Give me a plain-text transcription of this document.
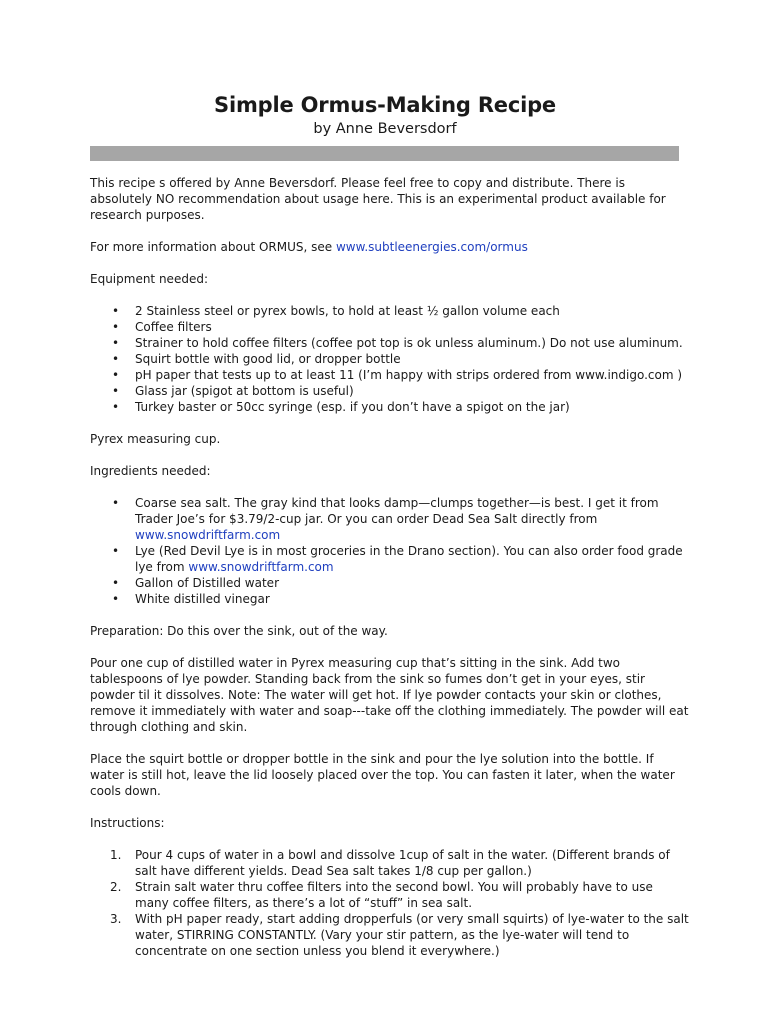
Simple Ormus-Making Recipe
by Anne Beversdorf

This recipe s offered by Anne Beversdorf. Please feel free to copy and distribute. There is absolutely NO recommendation about usage here. This is an experimental product available for research purposes.

For more information about ORMUS, see www.subtleenergies.com/ormus

Equipment needed:

• 2 Stainless steel or pyrex bowls, to hold at least ½ gallon volume each
• Coffee filters
• Strainer to hold coffee filters (coffee pot top is ok unless aluminum.) Do not use aluminum.
• Squirt bottle with good lid, or dropper bottle
• pH paper that tests up to at least 11 (I’m happy with strips ordered from www.indigo.com )
• Glass jar (spigot at bottom is useful)
• Turkey baster or 50cc syringe (esp. if you don’t have a spigot on the jar)

Pyrex measuring cup.

Ingredients needed:

• Coarse sea salt. The gray kind that looks damp—clumps together—is best. I get it from Trader Joe’s for $3.79/2-cup jar. Or you can order Dead Sea Salt directly from www.snowdriftfarm.com
• Lye (Red Devil Lye is in most groceries in the Drano section). You can also order food grade lye from www.snowdriftfarm.com
• Gallon of Distilled water
• White distilled vinegar

Preparation: Do this over the sink, out of the way.

Pour one cup of distilled water in Pyrex measuring cup that’s sitting in the sink. Add two tablespoons of lye powder. Standing back from the sink so fumes don’t get in your eyes, stir powder til it dissolves. Note: The water will get hot. If lye powder contacts your skin or clothes, remove it immediately with water and soap---take off the clothing immediately. The powder will eat through clothing and skin.

Place the squirt bottle or dropper bottle in the sink and pour the lye solution into the bottle. If water is still hot, leave the lid loosely placed over the top. You can fasten it later, when the water cools down.

Instructions:

1. Pour 4 cups of water in a bowl and dissolve 1cup of salt in the water. (Different brands of salt have different yields. Dead Sea salt takes 1/8 cup per gallon.)
2. Strain salt water thru coffee filters into the second bowl. You will probably have to use many coffee filters, as there’s a lot of “stuff” in sea salt.
3. With pH paper ready, start adding dropperfuls (or very small squirts) of lye-water to the salt water, STIRRING CONSTANTLY. (Vary your stir pattern, as the lye-water will tend to concentrate on one section unless you blend it everywhere.)
